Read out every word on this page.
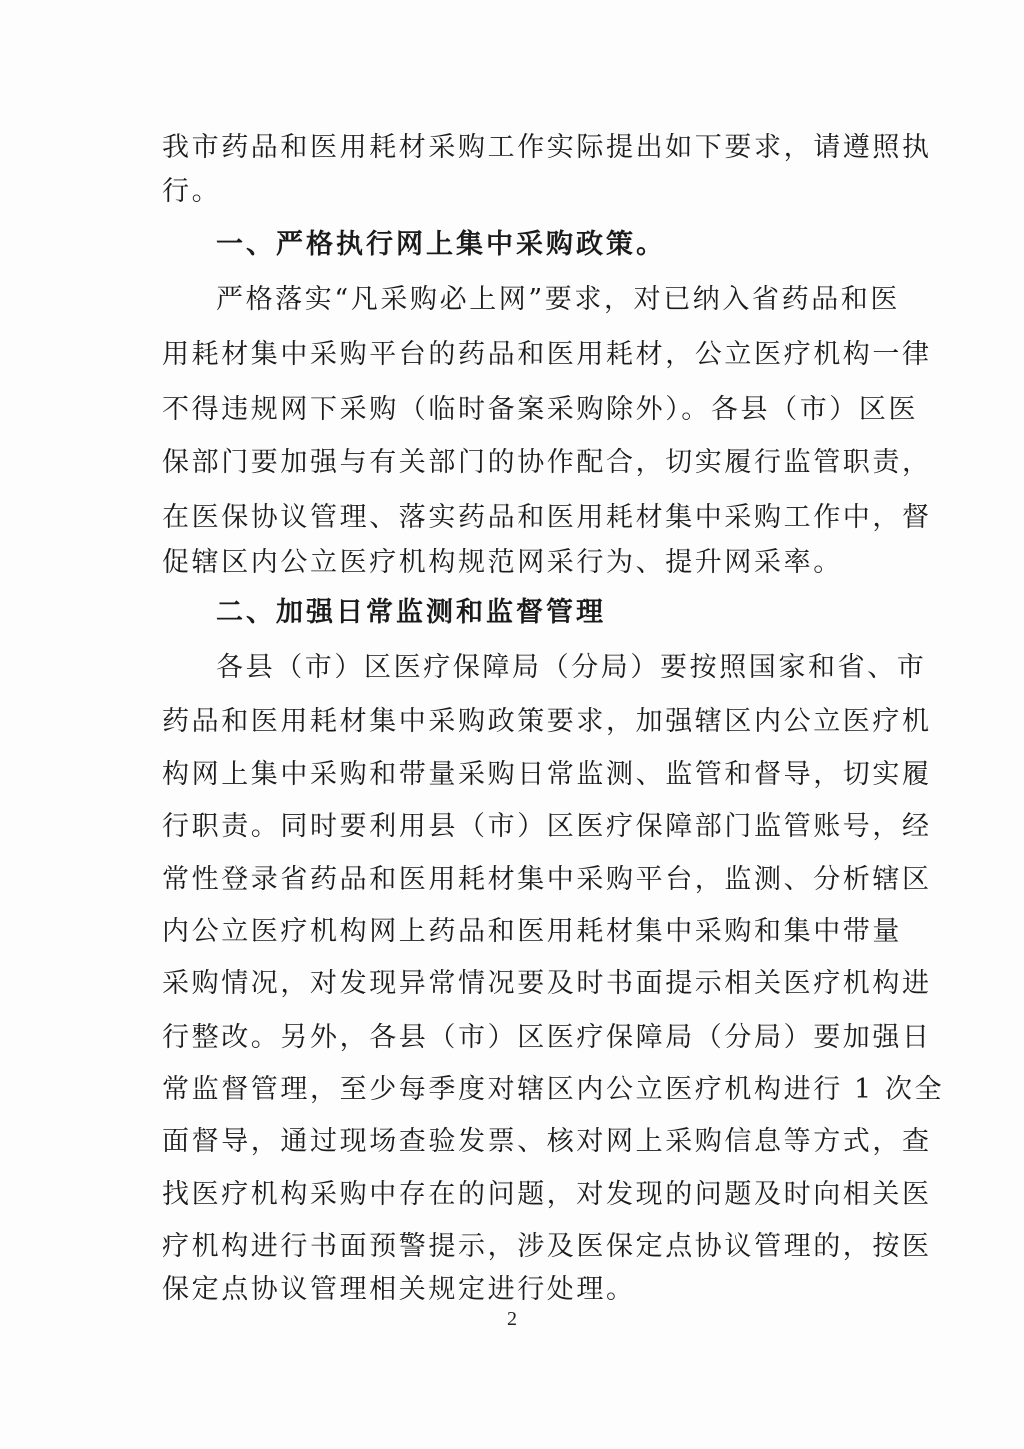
我市药品和医用耗材采购工作实际提出如下要求，请遵照执
行。
一、严格执行网上集中采购政策。
严格落实“凡采购必上网”要求，对已纳入省药品和医
用耗材集中采购平台的药品和医用耗材，公立医疗机构一律
不得违规网下采购（临时备案采购除外）。各县（市）区医
保部门要加强与有关部门的协作配合，切实履行监管职责，
在医保协议管理、落实药品和医用耗材集中采购工作中，督
促辖区内公立医疗机构规范网采行为、提升网采率。
二、加强日常监测和监督管理
各县（市）区医疗保障局（分局）要按照国家和省、市
药品和医用耗材集中采购政策要求，加强辖区内公立医疗机
构网上集中采购和带量采购日常监测、监管和督导，切实履
行职责。同时要利用县（市）区医疗保障部门监管账号，经
常性登录省药品和医用耗材集中采购平台，监测、分析辖区
内公立医疗机构网上药品和医用耗材集中采购和集中带量
采购情况，对发现异常情况要及时书面提示相关医疗机构进
行整改。另外，各县（市）区医疗保障局（分局）要加强日
常监督管理，至少每季度对辖区内公立医疗机构进行 1 次全
面督导，通过现场查验发票、核对网上采购信息等方式，查
找医疗机构采购中存在的问题，对发现的问题及时向相关医
疗机构进行书面预警提示，涉及医保定点协议管理的，按医
保定点协议管理相关规定进行处理。
2
